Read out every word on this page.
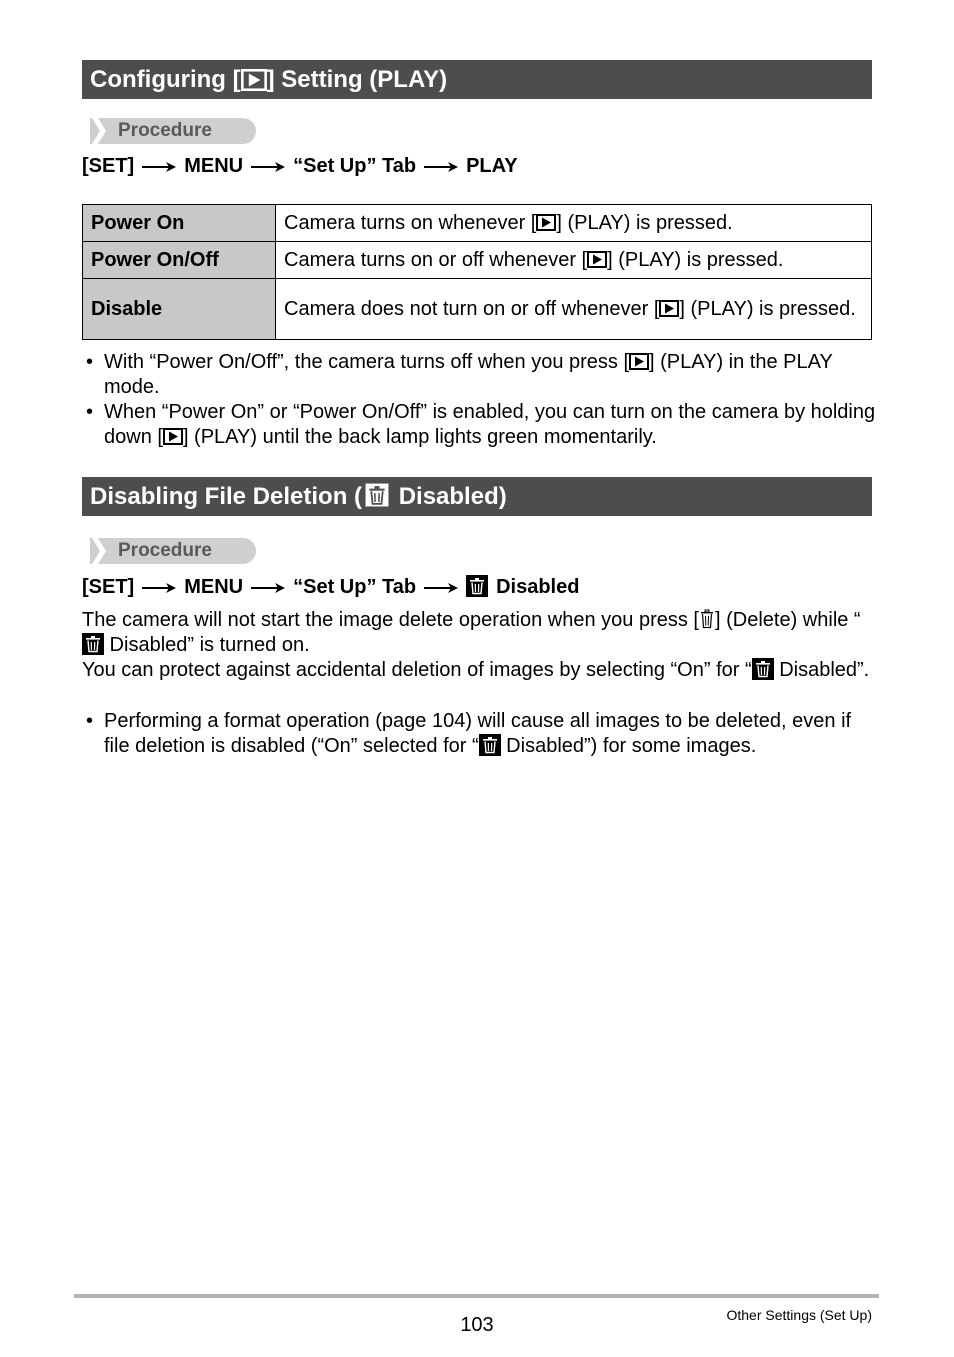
Configuring [ ] Setting (PLAY)
Procedure
[SET]	MENU	“Set Up” Tab	PLAY
Power On	Camera turns on whenever [ ] (PLAY) is pressed.
Power On/Off	Camera turns on or off whenever [ ] (PLAY) is pressed.
Disable	Camera does not turn on or off whenever [ ] (PLAY) is pressed.
• With “Power On/Off”, the camera turns off when you press [ ] (PLAY) in the PLAY mode.
• When “Power On” or “Power On/Off” is enabled, you can turn on the camera by holding down [ ] (PLAY) until the back lamp lights green momentarily.
Disabling File Deletion ( Disabled)
Procedure
[SET]	MENU	“Set Up” Tab	Disabled
The camera will not start the image delete operation when you press [ ] (Delete) while “ Disabled” is turned on.
You can protect against accidental deletion of images by selecting “On” for “ Disabled”.
• Performing a format operation (page 104) will cause all images to be deleted, even if file deletion is disabled (“On” selected for “ Disabled”) for some images.
103	Other Settings (Set Up)
